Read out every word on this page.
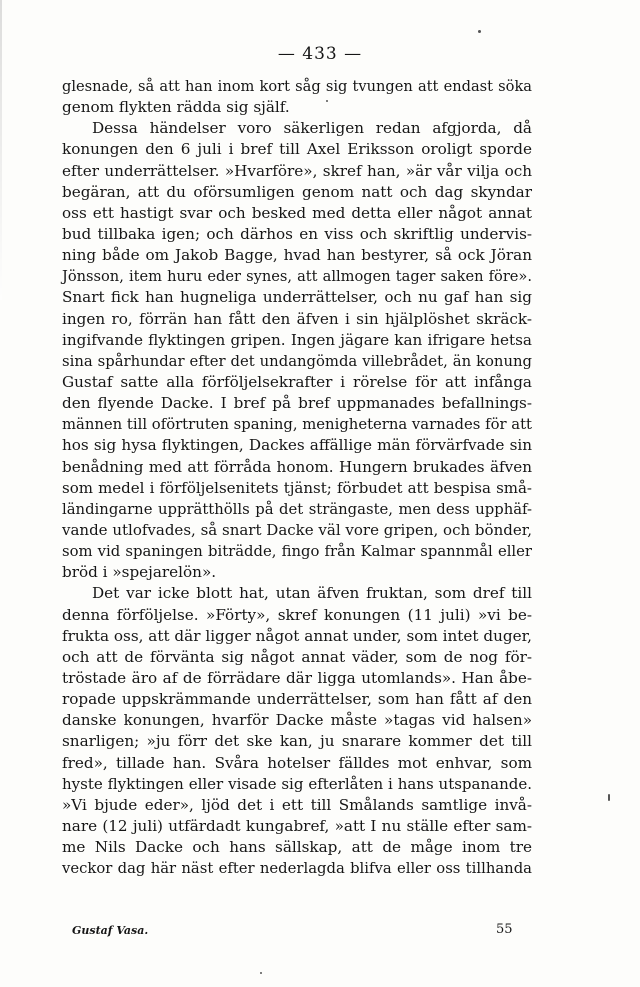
— 433 —
glesnade, så att han inom kort såg sig tvungen att endast söka
genom flykten rädda sig själf.
Dessa händelser voro säkerligen redan afgjorda, då
konungen den 6 juli i bref till Axel Eriksson oroligt sporde
efter underrättelser. »Hvarföre», skref han, »är vår vilja och
begäran, att du oförsumligen genom natt och dag skyndar
oss ett hastigt svar och besked med detta eller något annat
bud tillbaka igen; och därhos en viss och skriftlig undervis-
ning både om Jakob Bagge, hvad han bestyrer, så ock Jöran
Jönsson, item huru eder synes, att allmogen tager saken före».
Snart fick han hugneliga underrättelser, och nu gaf han sig
ingen ro, förrän han fått den äfven i sin hjälplöshet skräck-
ingifvande flyktingen gripen. Ingen jägare kan ifrigare hetsa
sina spårhundar efter det undangömda villebrådet, än konung
Gustaf satte alla förföljelsekrafter i rörelse för att infånga
den flyende Dacke. I bref på bref uppmanades befallnings-
männen till oförtruten spaning, menigheterna varnades för att
hos sig hysa flyktingen, Dackes affällige män förvärfvade sin
benådning med att förråda honom. Hungern brukades äfven
som medel i förföljelsenitets tjänst; förbudet att bespisa små-
ländingarne upprätthölls på det strängaste, men dess upphäf-
vande utlofvades, så snart Dacke väl vore gripen, och bönder,
som vid spaningen biträdde, fingo från Kalmar spannmål eller
bröd i »spejarelön».
Det var icke blott hat, utan äfven fruktan, som dref till
denna förföljelse. »Förty», skref konungen (11 juli) »vi be-
frukta oss, att där ligger något annat under, som intet duger,
och att de förvänta sig något annat väder, som de nog för-
tröstade äro af de förrädare där ligga utomlands». Han åbe-
ropade uppskrämmande underrättelser, som han fått af den
danske konungen, hvarför Dacke måste »tagas vid halsen»
snarligen; »ju förr det ske kan, ju snarare kommer det till
fred», tillade han. Svåra hotelser fälldes mot enhvar, som
hyste flyktingen eller visade sig efterlåten i hans utspanande.
»Vi bjude eder», ljöd det i ett till Smålands samtlige invå-
nare (12 juli) utfärdadt kungabref, »att I nu ställe efter sam-
me Nils Dacke och hans sällskap, att de måge inom tre
veckor dag här näst efter nederlagda blifva eller oss tillhanda
Gustaf Vasa.	55
